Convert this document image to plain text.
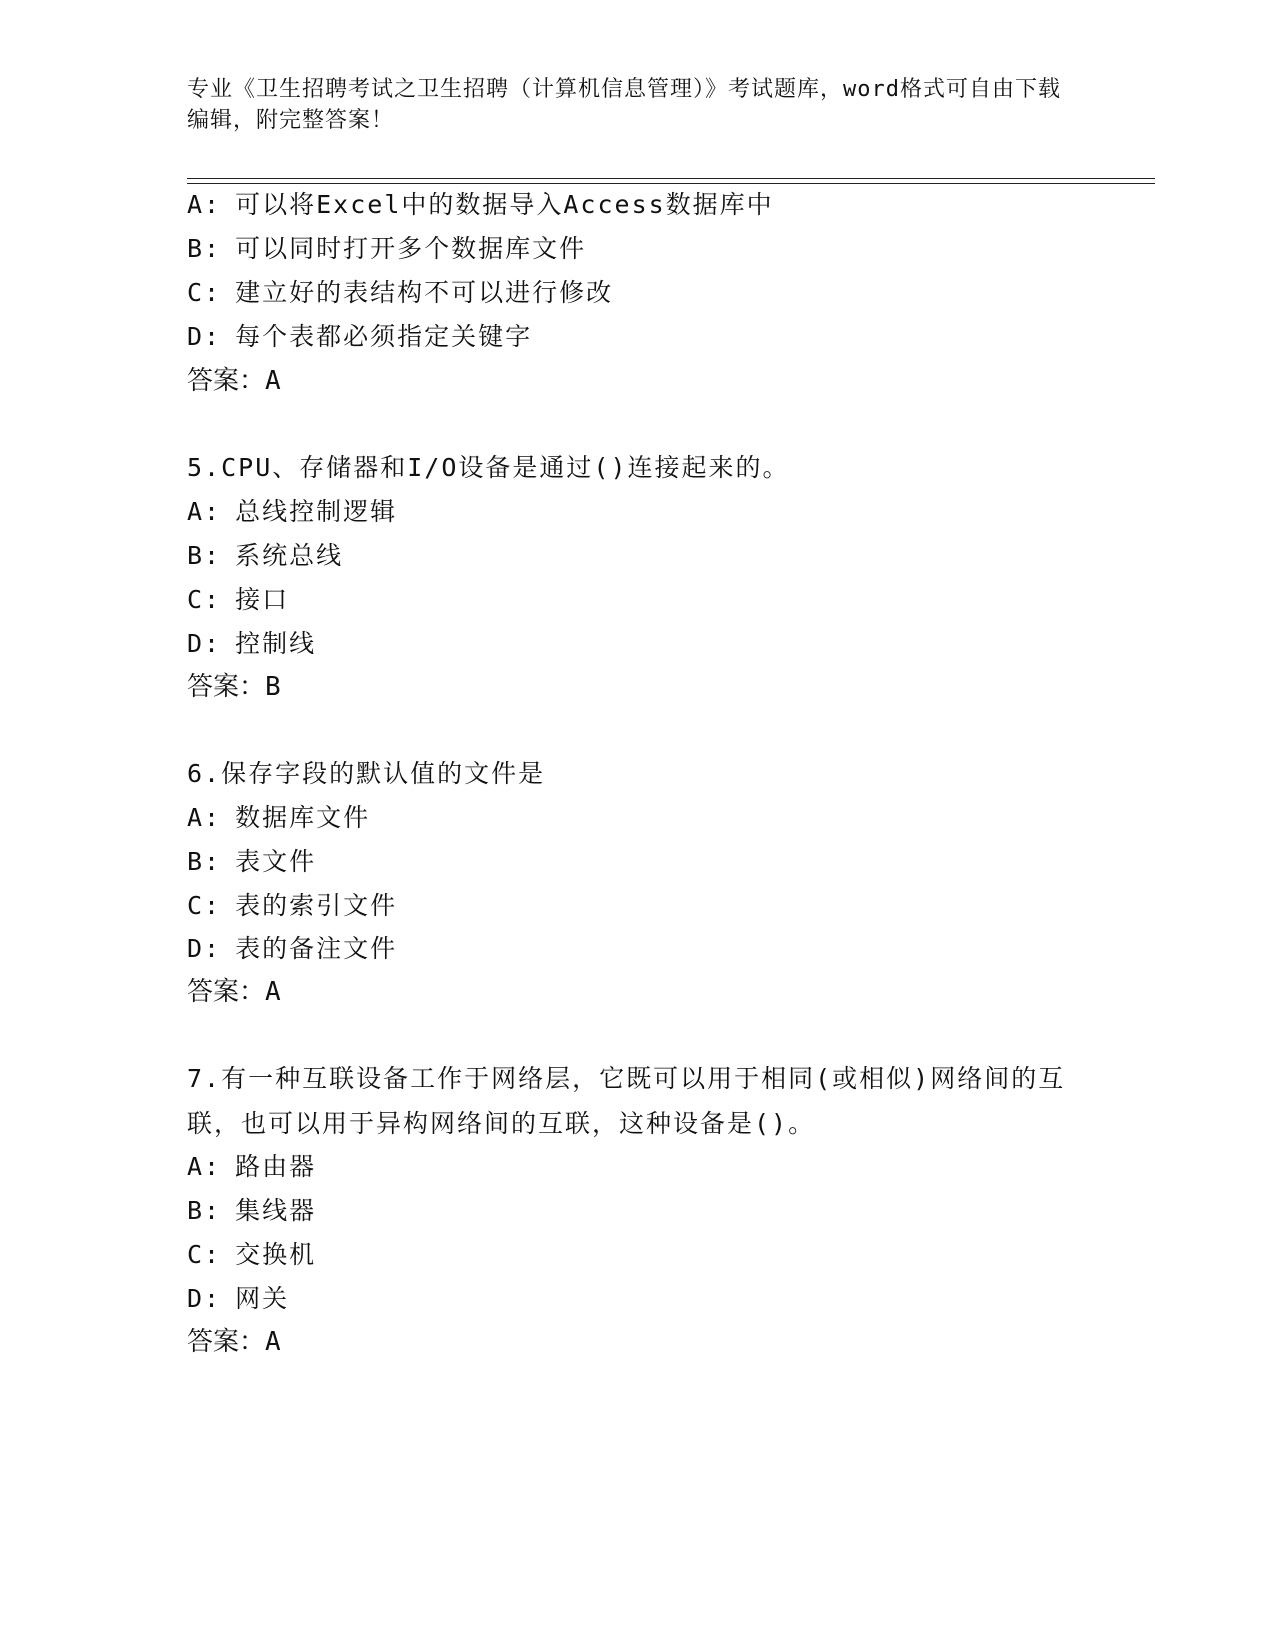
专业《卫生招聘考试之卫生招聘（计算机信息管理）》考试题库，word格式可自由下载编辑，附完整答案！

A: 可以将Excel中的数据导入Access数据库中

B: 可以同时打开多个数据库文件

C: 建立好的表结构不可以进行修改

D: 每个表都必须指定关键字

答案：A

5.CPU、存储器和I/O设备是通过()连接起来的。

A: 总线控制逻辑

B: 系统总线

C: 接口

D: 控制线

答案：B

6.保存字段的默认值的文件是

A: 数据库文件

B: 表文件

C: 表的索引文件

D: 表的备注文件

答案：A

7.有一种互联设备工作于网络层，它既可以用于相同(或相似)网络间的互联，也可以用于异构网络间的互联，这种设备是()。

A: 路由器

B: 集线器

C: 交换机

D: 网关

答案：A
